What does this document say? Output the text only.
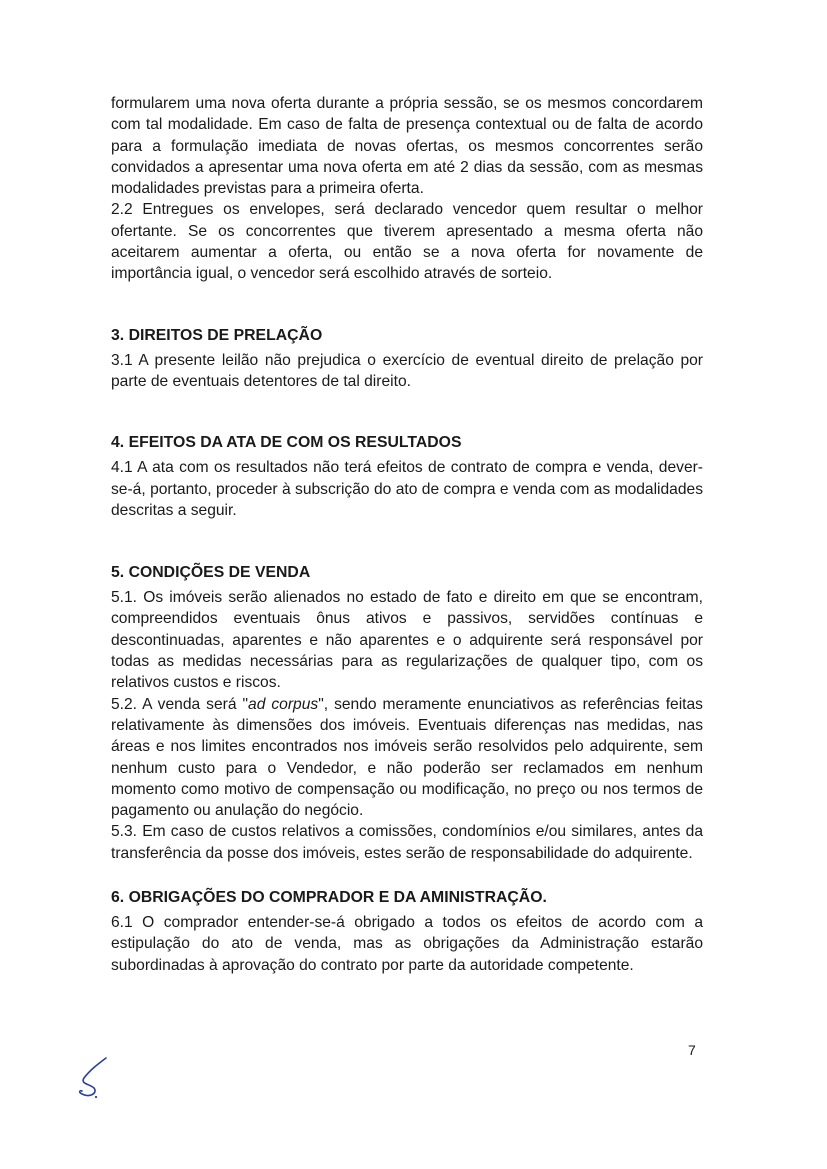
formularem uma nova oferta durante a própria sessão, se os mesmos concordarem com tal modalidade. Em caso de falta de presença contextual ou de falta de acordo para a formulação imediata de novas ofertas, os mesmos concorrentes serão convidados a apresentar uma nova oferta em até 2 dias da sessão, com as mesmas modalidades previstas para a primeira oferta.

2.2 Entregues os envelopes, será declarado vencedor quem resultar o melhor ofertante. Se os concorrentes que tiverem apresentado a mesma oferta não aceitarem aumentar a oferta, ou então se a nova oferta for novamente de importância igual, o vencedor será escolhido através de sorteio.

3. DIREITOS DE PRELAÇÃO

3.1 A presente leilão não prejudica o exercício de eventual direito de prelação por parte de eventuais detentores de tal direito.

4. EFEITOS DA ATA DE COM OS RESULTADOS

4.1 A ata com os resultados não terá efeitos de contrato de compra e venda, dever-se-á, portanto, proceder à subscrição do ato de compra e venda com as modalidades descritas a seguir.

5. CONDIÇÕES DE VENDA

5.1. Os imóveis serão alienados no estado de fato e direito em que se encontram, compreendidos eventuais ônus ativos e passivos, servidões contínuas e descontinuadas, aparentes e não aparentes e o adquirente será responsável por todas as medidas necessárias para as regularizações de qualquer tipo, com os relativos custos e riscos.

5.2. A venda será "ad corpus", sendo meramente enunciativos as referências feitas relativamente às dimensões dos imóveis. Eventuais diferenças nas medidas, nas áreas e nos limites encontrados nos imóveis serão resolvidos pelo adquirente, sem nenhum custo para o Vendedor, e não poderão ser reclamados em nenhum momento como motivo de compensação ou modificação, no preço ou nos termos de pagamento ou anulação do negócio.

5.3. Em caso de custos relativos a comissões, condomínios e/ou similares, antes da transferência da posse dos imóveis, estes serão de responsabilidade do adquirente.

6. OBRIGAÇÕES DO COMPRADOR E DA AMINISTRAÇÃO.

6.1 O comprador entender-se-á obrigado a todos os efeitos de acordo com a estipulação do ato de venda, mas as obrigações da Administração estarão subordinadas à aprovação do contrato por parte da autoridade competente.

7
